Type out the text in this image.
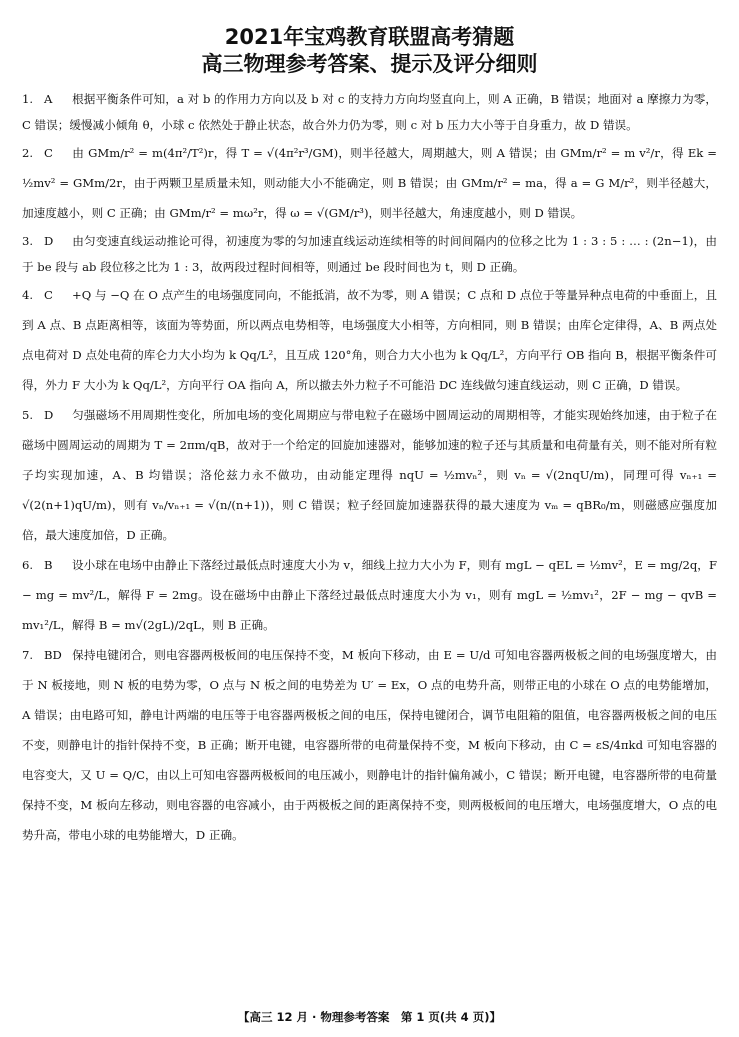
2021年宝鸡教育联盟高考猜题
高三物理参考答案、提示及评分细则

1. A 根据平衡条件可知，a 对 b 的作用力方向以及 b 对 c 的支持力方向均竖直向上，则 A 正确，B 错误；地面对 a 摩擦力为零，C 错误；缓慢减小倾角 θ，小球 c 依然处于静止状态，故合外力仍为零，则 c 对 b 压力大小等于自身重力，故 D 错误。

2. C 由 GMm/r² = m(4π²/T²)r，得 T = √(4π²r³/GM)，则半径越大，周期越大，则 A 错误；由 GMm/r² = m v²/r，得 Ek = ½mv² = GMm/2r，由于两颗卫星质量未知，则动能大小不能确定，则 B 错误；由 GMm/r² = ma，得 a = G M/r²，则半径越大，加速度越小，则 C 正确；由 GMm/r² = mω²r，得 ω = √(GM/r³)，则半径越大，角速度越小，则 D 错误。

3. D 由匀变速直线运动推论可得，初速度为零的匀加速直线运动连续相等的时间间隔内的位移之比为 1 : 3 : 5 : … : (2n−1)，由于 be 段与 ab 段位移之比为 1 : 3，故两段过程时间相等，则通过 be 段时间也为 t，则 D 正确。

4. C +Q 与 −Q 在 O 点产生的电场强度同向，不能抵消，故不为零，则 A 错误；C 点和 D 点位于等量异种点电荷的中垂面上，且到 A 点、B 点距离相等，该面为等势面，所以两点电势相等，电场强度大小相等，方向相同，则 B 错误；由库仑定律得，A、B 两点处点电荷对 D 点处电荷的库仑力大小均为 k Qq/L²，且互成 120°角，则合力大小也为 k Qq/L²，方向平行 OB 指向 B，根据平衡条件可得，外力 F 大小为 k Qq/L²，方向平行 OA 指向 A，所以撤去外力粒子不可能沿 DC 连线做匀速直线运动，则 C 正确，D 错误。

5. D 匀强磁场不用周期性变化，所加电场的变化周期应与带电粒子在磁场中圆周运动的周期相等，才能实现始终加速，由于粒子在磁场中圆周运动的周期为 T = 2πm/qB，故对于一个给定的回旋加速器对，能够加速的粒子还与其质量和电荷量有关，则不能对所有粒子均实现加速，A、B 均错误；洛伦兹力永不做功，由动能定理得 nqU = ½mvₙ²，则 vₙ = √(2nqU/m)，同理可得 vₙ₊₁ = √(2(n+1)qU/m)，则有 vₙ/vₙ₊₁ = √(n/(n+1))，则 C 错误；粒子经回旋加速器获得的最大速度为 vₘ = qBR₀/m，则磁感应强度加倍，最大速度加倍，D 正确。

6. B 设小球在电场中由静止下落经过最低点时速度大小为 v，细线上拉力大小为 F，则有 mgL − qEL = ½mv²，E = mg/2q，F − mg = mv²/L，解得 F = 2mg。设在磁场中由静止下落经过最低点时速度大小为 v₁，则有 mgL = ½mv₁²，2F − mg − qvB = mv₁²/L，解得 B = m√(2gL)/2qL，则 B 正确。

7. BD 保持电键闭合，则电容器两极板间的电压保持不变，M 板向下移动，由 E = U/d 可知电容器两极板之间的电场强度增大，由于 N 板接地，则 N 板的电势为零，O 点与 N 板之间的电势差为 U′ = Ex，O 点的电势升高，则带正电的小球在 O 点的电势能增加，A 错误；由电路可知，静电计两端的电压等于电容器两极板之间的电压，保持电键闭合，调节电阻箱的阻值，电容器两极板之间的电压不变，则静电计的指针保持不变，B 正确；断开电键，电容器所带的电荷量保持不变，M 板向下移动，由 C = εS/4πkd 可知电容器的电容变大，又 U = Q/C，由以上可知电容器两极板间的电压减小，则静电计的指针偏角减小，C 错误；断开电键，电容器所带的电荷量保持不变，M 板向左移动，则电容器的电容减小，由于两极板之间的距离保持不变，则两极板间的电压增大，电场强度增大，O 点的电势升高，带电小球的电势能增大，D 正确。

【高三 12 月 · 物理参考答案　第 1 页(共 4 页)】
